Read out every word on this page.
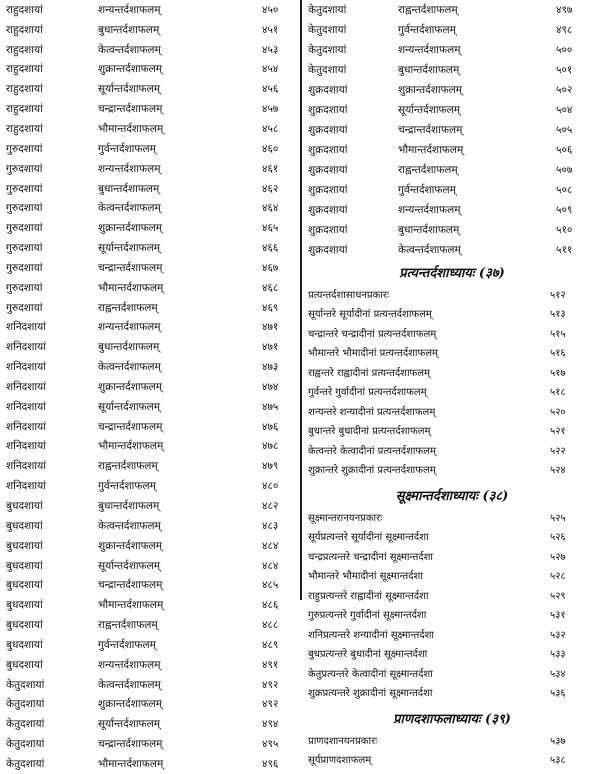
राहुदशायां	शन्यन्तर्दशाफलम्	४५०
राहुदशायां	बुधान्तर्दशाफलम्	४५१
राहुदशायां	केत्वन्तर्दशाफलम्	४५३
राहुदशायां	शुक्रान्तर्दशाफलम्	४५४
राहुदशायां	सूर्यान्तर्दशाफलम्	४५६
राहुदशायां	चन्द्रान्तर्दशाफलम्	४५७
राहुदशायां	भौमान्तर्दशाफलम्	४५८
गुरुदशायां	गुर्वन्तर्दशाफलम्	४६०
गुरुदशायां	शन्यन्तर्दशाफलम्	४६१
गुरुदशायां	बुधान्तर्दशाफलम्	४६२
गुरुदशायां	केत्वन्तर्दशाफलम्	४६४
गुरुदशायां	शुक्रान्तर्दशाफलम्	४६५
गुरुदशायां	सूर्यान्तर्दशाफलम्	४६६
गुरुदशायां	चन्द्रान्तर्दशाफलम्	४६७
गुरुदशायां	भौमान्तर्दशाफलम्	४६८
गुरुदशायां	राह्वन्तर्दशाफलम्	४६९
शनिदशायां	शन्यन्तर्दशाफलम्	४७१
शनिदशायां	बुधान्तर्दशाफलम्	४७१
शनिदशायां	केत्वन्तर्दशाफलम्	४७३
शनिदशायां	शुक्रान्तर्दशाफलम्	४७४
शनिदशायां	सूर्यान्तर्दशाफलम्	४७५
शनिदशायां	चन्द्रान्तर्दशाफलम्	४७६
शनिदशायां	भौमान्तर्दशाफलम्	४७८
शनिदशायां	राह्वन्तर्दशाफलम्	४७९
शनिदशायां	गुर्वन्तर्दशाफलम्	४८०
बुधदशायां	बुधान्तर्दशाफलम्	४८२
बुधदशायां	केत्वन्तर्दशाफलम्	४८३
बुधदशायां	शुक्रान्तर्दशाफलम्	४८४
बुधदशायां	सूर्यान्तर्दशाफलम्	४८४
बुधदशायां	चन्द्रान्तर्दशाफलम्	४८५
बुधदशायां	भौमान्तर्दशाफलम्	४८६
बुधदशायां	राह्वन्तर्दशाफलम्	४८८
बुधदशायां	गुर्वन्तर्दशाफलम्	४८९
बुधदशायां	शन्यन्तर्दशाफलम्	४९१
केतुदशायां	केत्वन्तर्दशाफलम्	४९२
केतुदशायां	शुक्रान्तर्दशाफलम्	४९२
केतुदशायां	सूर्यान्तर्दशाफलम्	४९४
केतुदशायां	चन्द्रान्तर्दशाफलम्	४९५
केतुदशायां	भौमान्तर्दशाफलम्	४९६
केतुदशायां	राह्वन्तर्दशाफलम्	४९७
केतुदशायां	गुर्वन्तर्दशाफलम्	४९८
केतुदशायां	शन्यन्तर्दशाफलम्	५००
केतुदशायां	बुधान्तर्दशाफलम्	५०१
शुक्रदशायां	शुक्रान्तर्दशाफलम्	५०२
शुक्रदशायां	सूर्यान्तर्दशाफलम्	५०४
शुक्रदशायां	चन्द्रान्तर्दशाफलम्	५०५
शुक्रदशायां	भौमान्तर्दशाफलम्	५०६
शुक्रदशायां	राह्वन्तर्दशाफलम्	५०७
शुक्रदशायां	गुर्वन्तर्दशाफलम्	५०८
शुक्रदशायां	शन्यन्तर्दशाफलम्	५०९
शुक्रदशायां	बुधान्तर्दशाफलम्	५१०
शुक्रदशायां	केत्वन्तर्दशाफलम्	५११
प्रत्यन्तर्दशाध्यायः (३७)
प्रत्यन्तर्दशासाधनप्रकारः	५१२
सूर्यान्तरे सूर्यादीनां प्रत्यन्तर्दशाफलम्	५१३
चन्द्रान्तरे चन्द्रादीनां प्रत्यन्तर्दशाफलम्	५१५
भौमान्तरे भौमादीनां प्रत्यन्तर्दशाफलम्	५१६
राह्वन्तरे राह्वादीनां प्रत्यन्तर्दशाफलम्	५१७
गुर्वन्तरे गुर्वादीनां प्रत्यन्तर्दशाफलम्	५१८
शन्यन्तरे शन्यादीनां प्रत्यन्तर्दशाफलम्	५२०
बुधान्तरे बुधादीनां प्रत्यन्तर्दशाफलम्	५२१
केत्वन्तरे केत्वादीनां प्रत्यन्तर्दशाफलम्	५२२
शुक्रान्तरे शुक्रादीनां प्रत्यन्तर्दशाफलम्	५२४
सूक्ष्मान्तर्दशाध्यायः (३८)
सूक्ष्मान्तरानयनप्रकारः	५२५
सूर्यप्रत्यन्तरे सूर्यादीनां सूक्ष्मान्तर्दशा	५२६
चन्द्रप्रत्यन्तरे चन्द्रादीनां सूक्ष्मान्तर्दशा	५२७
भौमान्तरे भौमादीनां सूक्ष्मान्तर्दशा	५२८
राहुप्रत्यन्तरे राह्वादीनां सूक्ष्मान्तर्दशा	५२९
गुरुप्रत्यन्तरे गुर्वादीनां सूक्ष्मान्तर्दशा	५३१
शनिप्रत्यन्तरे शन्यादीनां सूक्ष्मान्तर्दशा	५३२
बुधप्रत्यन्तरे बुधादीनां सूक्ष्मान्तर्दशा	५३३
केतुप्रत्यन्तरे केत्वादीनां सूक्ष्मान्तर्दशा	५३४
शुक्रप्रत्यन्तरे शुक्रादीनां सूक्ष्मान्तर्दशा	५३६
प्राणदशाफलाध्यायः (३९)
प्राणदशानयनप्रकारः	५३७
सूर्यप्राणदशाफलम्	५३८
